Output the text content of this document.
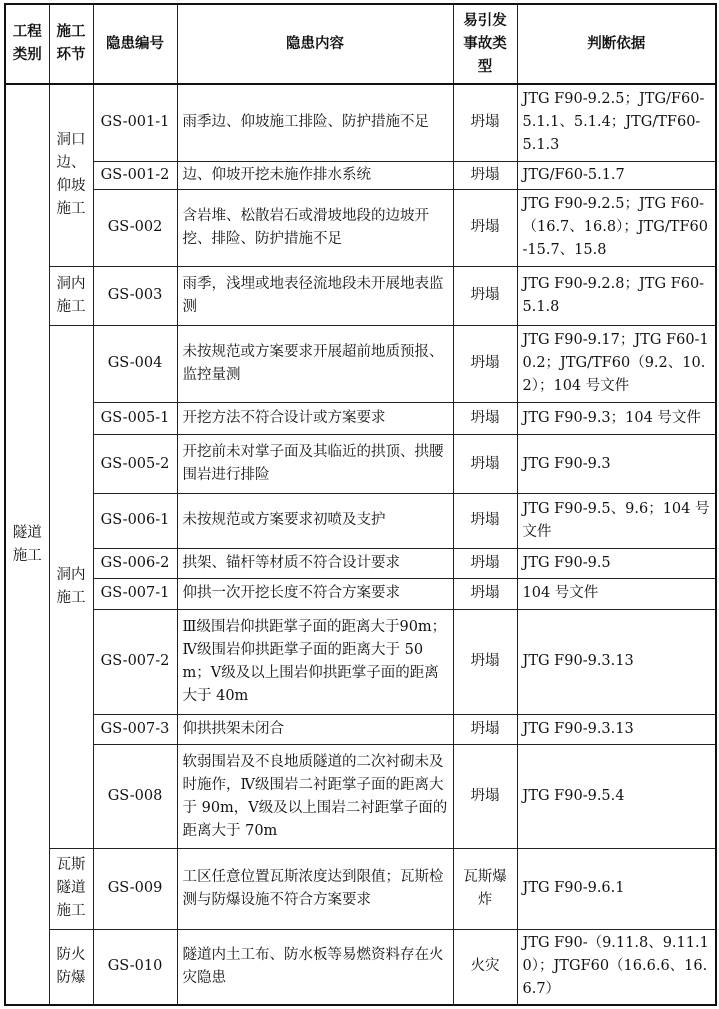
工程类别	施工环节	隐患编号	隐患内容	易引发事故类型	判断依据
隧道施工	洞口边、仰坡施工	GS-001-1	雨季边、仰坡施工排险、防护措施不足	坍塌	JTG F90-9.2.5；JTG/F60-5.1.1、5.1.4；JTG/TF60-5.1.3
		GS-001-2	边、仰坡开挖未施作排水系统	坍塌	JTG/F60-5.1.7
		GS-002	含岩堆、松散岩石或滑坡地段的边坡开挖、排险、防护措施不足	坍塌	JTG F90-9.2.5；JTG F60-（16.7、16.8）；JTG/TF60-15.7、15.8
	洞内施工	GS-003	雨季，浅埋或地表径流地段未开展地表监测	坍塌	JTG F90-9.2.8；JTG F60-5.1.8
	洞内施工	GS-004	未按规范或方案要求开展超前地质预报、监控量测	坍塌	JTG F90-9.17；JTG F60-10.2；JTG/TF60（9.2、10.2）；104 号文件
		GS-005-1	开挖方法不符合设计或方案要求	坍塌	JTG F90-9.3；104 号文件
		GS-005-2	开挖前未对掌子面及其临近的拱顶、拱腰围岩进行排险	坍塌	JTG F90-9.3
		GS-006-1	未按规范或方案要求初喷及支护	坍塌	JTG F90-9.5、9.6；104 号文件
		GS-006-2	拱架、锚杆等材质不符合设计要求	坍塌	JTG F90-9.5
		GS-007-1	仰拱一次开挖长度不符合方案要求	坍塌	104 号文件
		GS-007-2	Ⅲ级围岩仰拱距掌子面的距离大于90m；Ⅳ级围岩仰拱距掌子面的距离大于 50m；Ⅴ级及以上围岩仰拱距掌子面的距离大于 40m	坍塌	JTG F90-9.3.13
		GS-007-3	仰拱拱架未闭合	坍塌	JTG F90-9.3.13
		GS-008	软弱围岩及不良地质隧道的二次衬砌未及时施作，Ⅳ级围岩二衬距掌子面的距离大于 90m，Ⅴ级及以上围岩二衬距掌子面的距离大于 70m	坍塌	JTG F90-9.5.4
	瓦斯隧道施工	GS-009	工区任意位置瓦斯浓度达到限值；瓦斯检测与防爆设施不符合方案要求	瓦斯爆炸	JTG F90-9.6.1
	防火防爆	GS-010	隧道内土工布、防水板等易燃资料存在火灾隐患	火灾	JTG F90-（9.11.8、9.11.10）；JTGF60（16.6.6、16.6.7）
